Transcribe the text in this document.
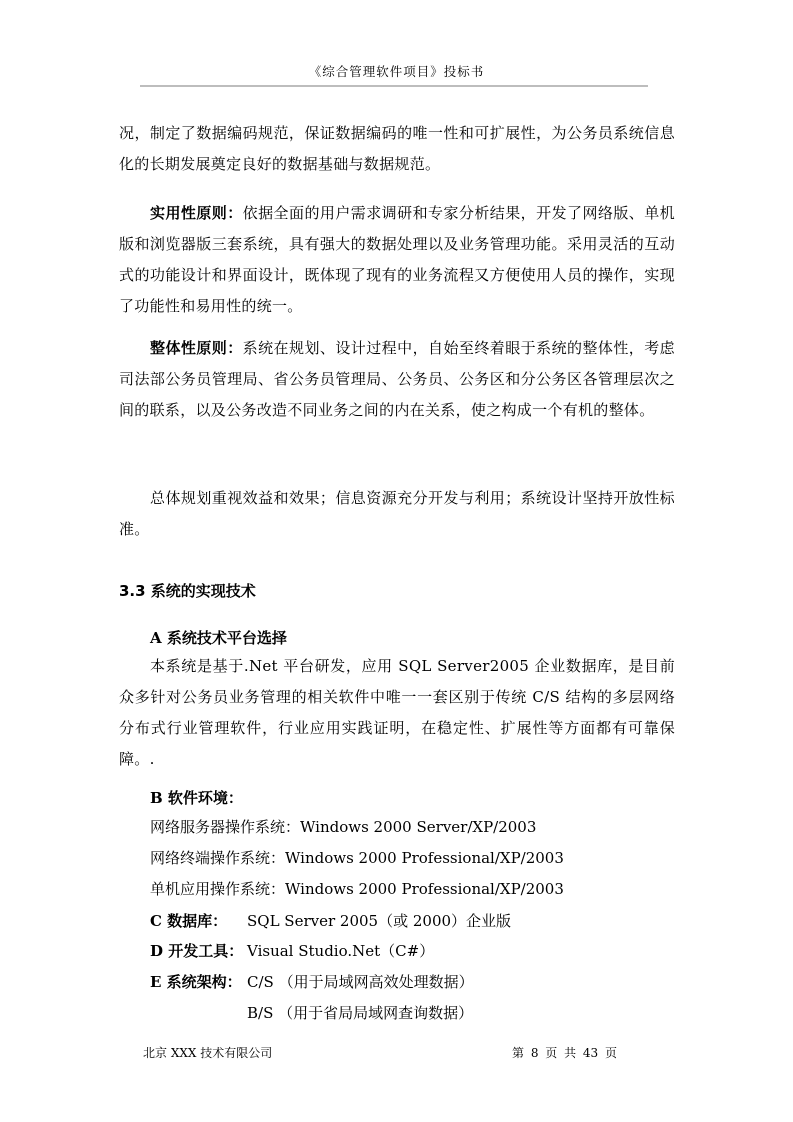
《综合管理软件项目》投标书
况，制定了数据编码规范，保证数据编码的唯一性和可扩展性，为公务员系统信息化的长期发展奠定良好的数据基础与数据规范。
实用性原则：依据全面的用户需求调研和专家分析结果，开发了网络版、单机版和浏览器版三套系统，具有强大的数据处理以及业务管理功能。采用灵活的互动式的功能设计和界面设计，既体现了现有的业务流程又方便使用人员的操作，实现了功能性和易用性的统一。
整体性原则：系统在规划、设计过程中，自始至终着眼于系统的整体性，考虑司法部公务员管理局、省公务员管理局、公务员、公务区和分公务区各管理层次之间的联系，以及公务改造不同业务之间的内在关系，使之构成一个有机的整体。
总体规划重视效益和效果；信息资源充分开发与利用；系统设计坚持开放性标准。
3.3 系统的实现技术
A 系统技术平台选择
本系统是基于.Net 平台研发，应用 SQL Server2005 企业数据库，是目前众多针对公务员业务管理的相关软件中唯一一套区别于传统 C/S 结构的多层网络分布式行业管理软件，行业应用实践证明，在稳定性、扩展性等方面都有可靠保障。.
B 软件环境：
网络服务器操作系统：Windows 2000 Server/XP/2003
网络终端操作系统：Windows 2000 Professional/XP/2003
单机应用操作系统：Windows 2000 Professional/XP/2003
C 数据库： SQL Server 2005（或 2000）企业版
D 开发工具： Visual Studio.Net（C#）
E 系统架构： C/S （用于局域网高效处理数据）
B/S （用于省局局域网查询数据）
北京 XXX 技术有限公司	第 8 页 共 43 页
